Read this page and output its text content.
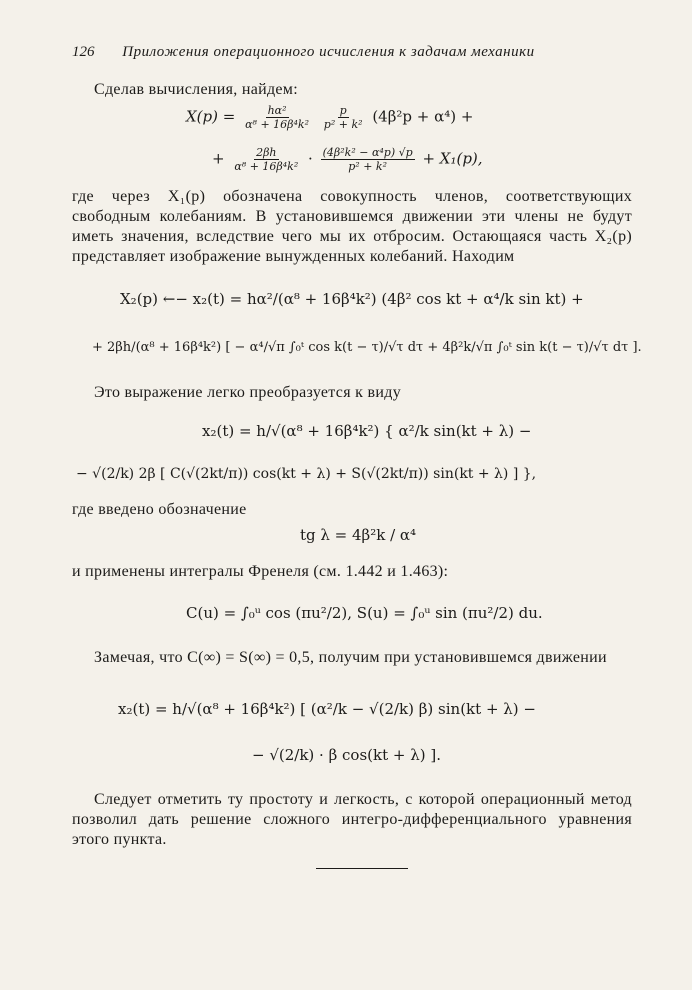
126 Приложения операционного исчисления к задачам механики
Сделав вычисления, найдем:
$X(p) = \frac{\text{hα²}}{\text{α⁸ + 16β⁴k²}}$
$\frac{p}{\text{p² + k²}} (4\beta^2p + \alpha^4)$ +
+ $\frac{2\beta h}{\text{α⁸ + 16β⁴k²}} \cdot \frac{\text{(4β²k² − α⁴p) √p}}{\text{p² + k²}} + X_1(p)$,
где через X₁(p) обозначена совокупность членов, соответствующих свободным колебаниям. В установившемся движении эти члены не будут иметь значения, вследствие чего мы их отбросим. Остающаяся часть X₂(p) представляет изображение вынужденных колебаний. Находим
X₂(p) ←− x₂(t) = hα²/(α⁸ + 16β⁴k²) (4β² cos kt + α⁴/k sin kt) +
+ 2βh/(α⁸ + 16β⁴k²) [ − α⁴/√π ∫₀ᵗ cos k(t − τ)/√τ dτ + 4β²k/√π ∫₀ᵗ sin k(t − τ)/√τ dτ ].
Это выражение легко преобразуется к виду
x₂(t) = h/√(α⁸ + 16β⁴k²) { α²/k sin(kt + λ) −
− √(2/k) 2β [ C(√(2kt/π)) cos(kt + λ) + S(√(2kt/π)) sin(kt + λ) ] },
где введено обозначение
tg λ = 4β²k / α⁴
и применены интегралы Френеля (см. 1.442 и 1.463):
C(u) = ∫₀ᵘ cos (πu²/2), S(u) = ∫₀ᵘ sin (πu²/2) du.
Замечая, что C(∞) = S(∞) = 0,5, получим при установившемся движении
x₂(t) = h/√(α⁸ + 16β⁴k²) [ (α²/k − √(2/k) β) sin(kt + λ) −
− √(2/k) · β cos(kt + λ) ].
Следует отметить ту простоту и легкость, с которой операционный метод позволил дать решение сложного интегро-дифференциального уравнения этого пункта.
